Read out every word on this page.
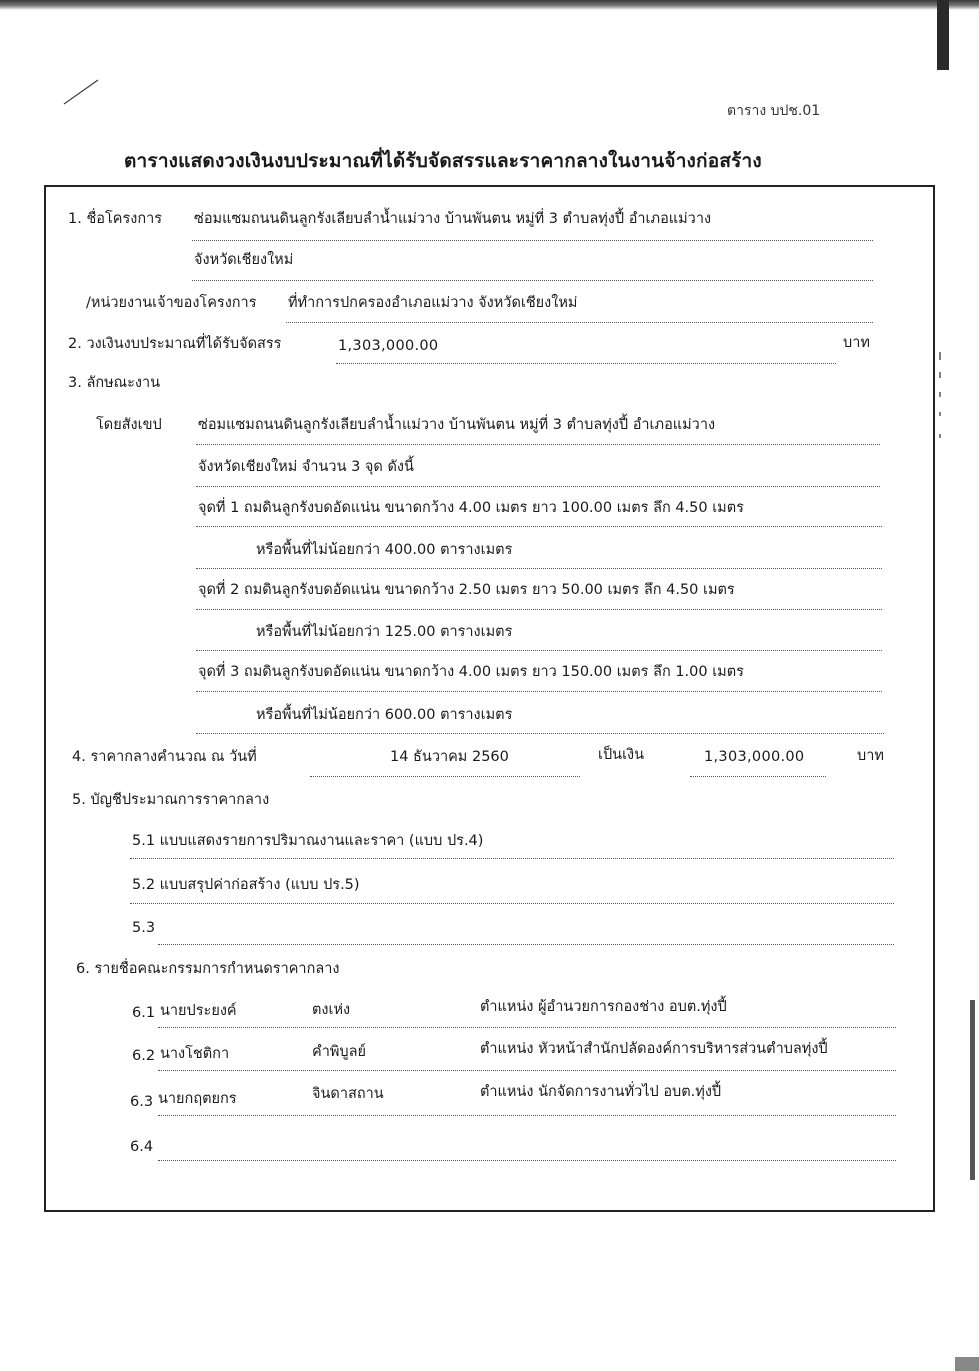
ตาราง บปช.01
ตารางแสดงวงเงินงบประมาณที่ได้รับจัดสรรและราคากลางในงานจ้างก่อสร้าง
1. ชื่อโครงการ ซ่อมแซมถนนดินลูกรังเลียบลำน้ำแม่วาง บ้านพันตน หมู่ที่ 3 ตำบลทุ่งปี้ อำเภอแม่วาง
จังหวัดเชียงใหม่
/หน่วยงานเจ้าของโครงการ ที่ทำการปกครองอำเภอแม่วาง จังหวัดเชียงใหม่
2. วงเงินงบประมาณที่ได้รับจัดสรร	1,303,000.00	บาท
3. ลักษณะงาน
โดยสังเขป	ซ่อมแซมถนนดินลูกรังเลียบลำน้ำแม่วาง บ้านพันตน หมู่ที่ 3 ตำบลทุ่งปี้ อำเภอแม่วาง
จังหวัดเชียงใหม่ จำนวน 3 จุด ดังนี้
จุดที่ 1 ถมดินลูกรังบดอัดแน่น ขนาดกว้าง 4.00 เมตร ยาว 100.00 เมตร ลึก 4.50 เมตร
หรือพื้นที่ไม่น้อยกว่า 400.00 ตารางเมตร
จุดที่ 2 ถมดินลูกรังบดอัดแน่น ขนาดกว้าง 2.50 เมตร ยาว 50.00 เมตร ลึก 4.50 เมตร
หรือพื้นที่ไม่น้อยกว่า 125.00 ตารางเมตร
จุดที่ 3 ถมดินลูกรังบดอัดแน่น ขนาดกว้าง 4.00 เมตร ยาว 150.00 เมตร ลึก 1.00 เมตร
หรือพื้นที่ไม่น้อยกว่า 600.00 ตารางเมตร
4. ราคากลางคำนวณ ณ วันที่	14 ธันวาคม 2560	เป็นเงิน	1,303,000.00	บาท
5. บัญชีประมาณการราคากลาง
5.1 แบบแสดงรายการปริมาณงานและราคา (แบบ ปร.4)
5.2 แบบสรุปค่าก่อสร้าง (แบบ ปร.5)
5.3
6. รายชื่อคณะกรรมการกำหนดราคากลาง
6.1 นายประยงค์	ตงเห่ง	ตำแหน่ง ผู้อำนวยการกองช่าง อบต.ทุ่งปี้
6.2 นางโชติกา	คำพิบูลย์	ตำแหน่ง หัวหน้าสำนักปลัดองค์การบริหารส่วนตำบลทุ่งปี้
6.3 นายกฤตยกร	จินดาสถาน	ตำแหน่ง นักจัดการงานทั่วไป อบต.ทุ่งปี้
6.4
